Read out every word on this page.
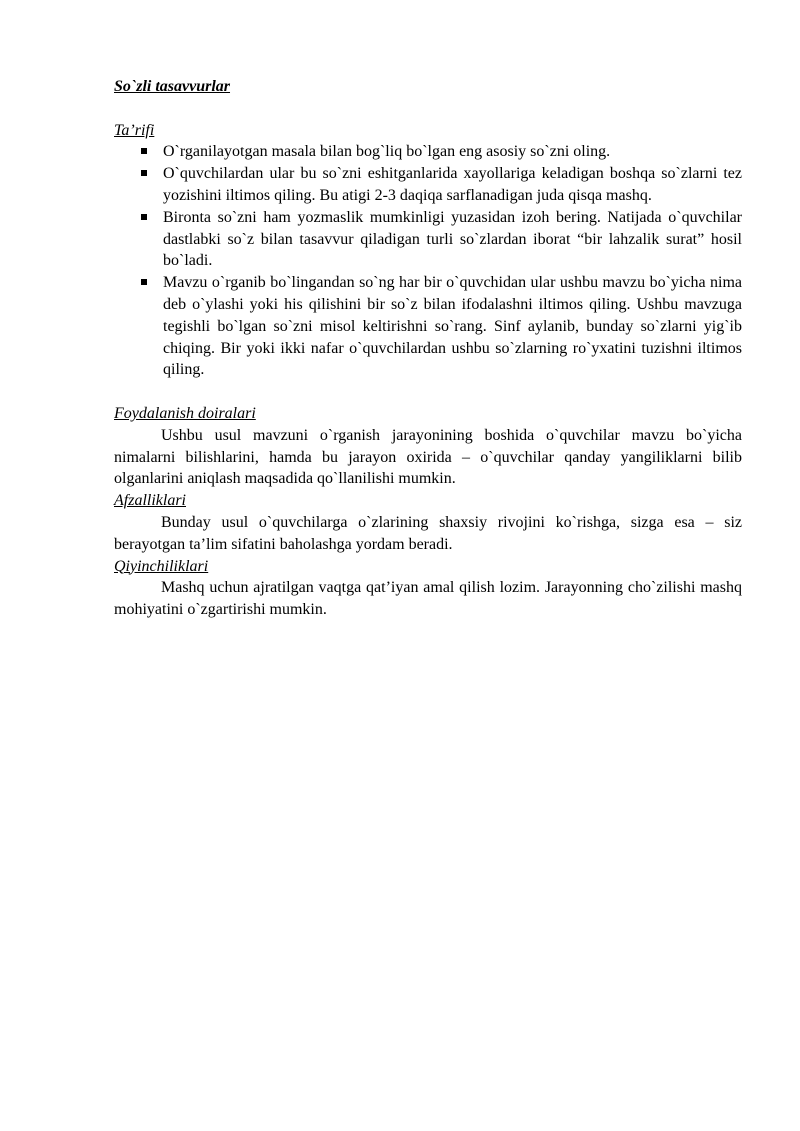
So`zli tasavvurlar
Ta’rifi
O`rganilayotgan masala bilan bog`liq bo`lgan eng asosiy so`zni oling.
O`quvchilardan ular bu so`zni eshitganlarida xayollariga keladigan boshqa so`zlarni tez yozishini iltimos qiling. Bu atigi 2-3 daqiqa sarflanadigan juda qisqa mashq.
Bironta so`zni ham yozmaslik mumkinligi yuzasidan izoh bering. Natijada o`quvchilar dastlabki so`z bilan tasavvur qiladigan turli so`zlardan iborat “bir lahzalik surat” hosil bo`ladi.
Mavzu o`rganib bo`lingandan so`ng har bir o`quvchidan ular ushbu mavzu bo`yicha nima deb o`ylashi yoki his qilishini bir so`z bilan ifodalashni iltimos qiling. Ushbu mavzuga tegishli bo`lgan so`zni misol keltirishni so`rang. Sinf aylanib, bunday so`zlarni yig`ib chiqing. Bir yoki ikki nafar o`quvchilardan ushbu so`zlarning ro`yxatini tuzishni iltimos qiling.
Foydalanish doiralari

Ushbu usul mavzuni o`rganish jarayonining boshida o`quvchilar mavzu bo`yicha nimalarni bilishlarini, hamda bu jarayon oxirida – o`quvchilar qanday yangiliklarni bilib olganlarini aniqlash maqsadida qo`llanilishi mumkin.

Afzalliklari

Bunday usul o`quvchilarga o`zlarining shaxsiy rivojini ko`rishga, sizga esa – siz berayotgan ta’lim sifatini baholashga yordam beradi.

Qiyinchiliklari

Mashq uchun ajratilgan vaqtga qat’iyan amal qilish lozim. Jarayonning cho`zilishi mashq mohiyatini o`zgartirishi mumkin.
